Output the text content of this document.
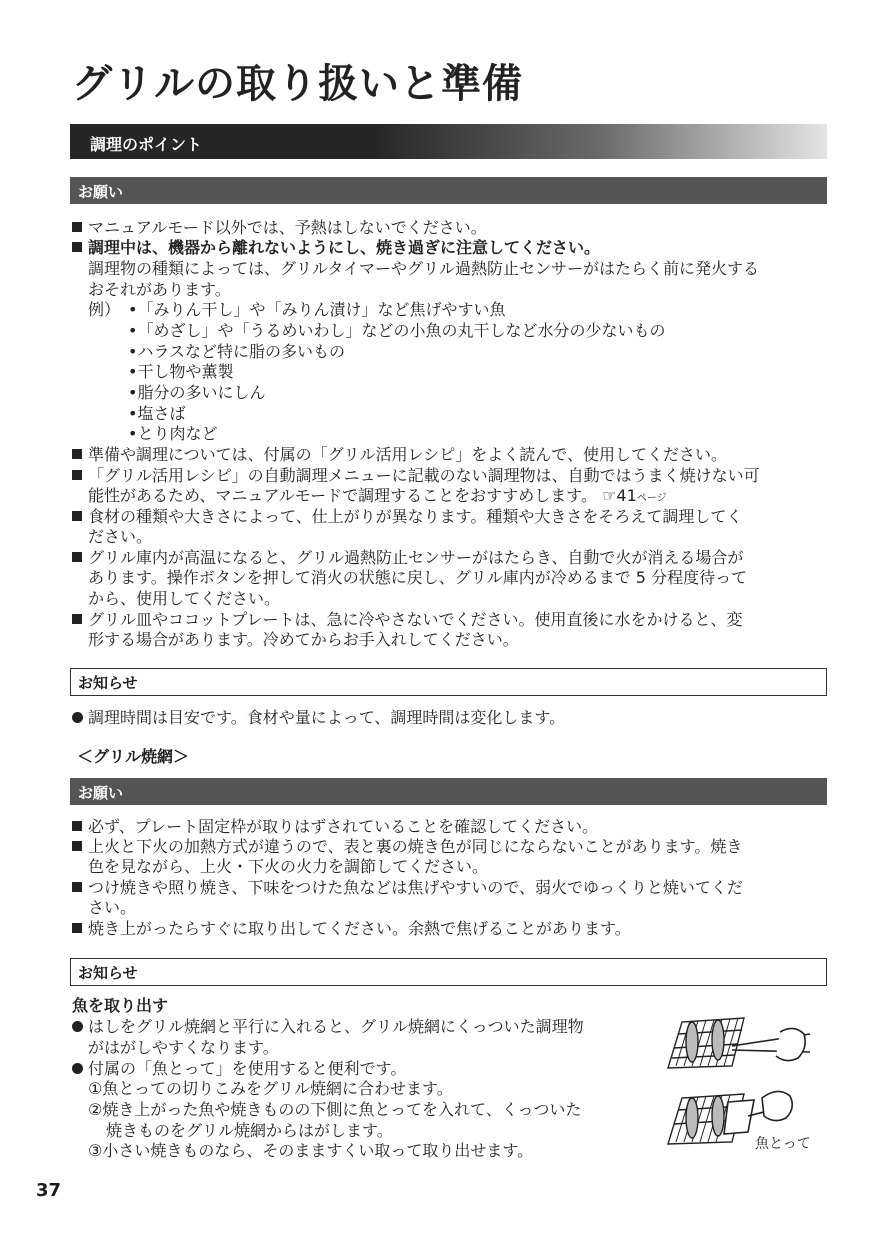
グリルの取り扱いと準備
調理のポイント
お願い
マニュアルモード以外では、予熱はしないでください。
調理中は、機器から離れないようにし、焼き過ぎに注意してください。
調理物の種類によっては、グリルタイマーやグリル過熱防止センサーがはたらく前に発火する
おそれがあります。
例） •「みりん干し」や「みりん漬け」など焦げやすい魚
•「めざし」や「うるめいわし」などの小魚の丸干しなど水分の少ないもの
•ハラスなど特に脂の多いもの
•干し物や薫製
•脂分の多いにしん
•塩さば
•とり肉など
準備や調理については、付属の「グリル活用レシピ」をよく読んで、使用してください。
「グリル活用レシピ」の自動調理メニューに記載のない調理物は、自動ではうまく焼けない可
能性があるため、マニュアルモードで調理することをおすすめします。 ☞41ページ
食材の種類や大きさによって、仕上がりが異なります。種類や大きさをそろえて調理してく
ださい。
グリル庫内が高温になると、グリル過熱防止センサーがはたらき、自動で火が消える場合が
あります。操作ボタンを押して消火の状態に戻し、グリル庫内が冷めるまで 5 分程度待って
から、使用してください。
グリル皿やココットプレートは、急に冷やさないでください。使用直後に水をかけると、変
形する場合があります。冷めてからお手入れしてください。
お知らせ
調理時間は目安です。食材や量によって、調理時間は変化します。
＜グリル焼網＞
お願い
必ず、プレート固定枠が取りはずされていることを確認してください。
上火と下火の加熱方式が違うので、表と裏の焼き色が同じにならないことがあります。焼き
色を見ながら、上火・下火の火力を調節してください。
つけ焼きや照り焼き、下味をつけた魚などは焦げやすいので、弱火でゆっくりと焼いてくだ
さい。
焼き上がったらすぐに取り出してください。余熱で焦げることがあります。
お知らせ
魚を取り出す
はしをグリル焼網と平行に入れると、グリル焼網にくっついた調理物
がはがしやすくなります。
付属の「魚とって」を使用すると便利です。
①魚とっての切りこみをグリル焼網に合わせます。
②焼き上がった魚や焼きものの下側に魚とってを入れて、くっついた
焼きものをグリル焼網からはがします。
③小さい焼きものなら、そのまますくい取って取り出せます。	魚とって
37
